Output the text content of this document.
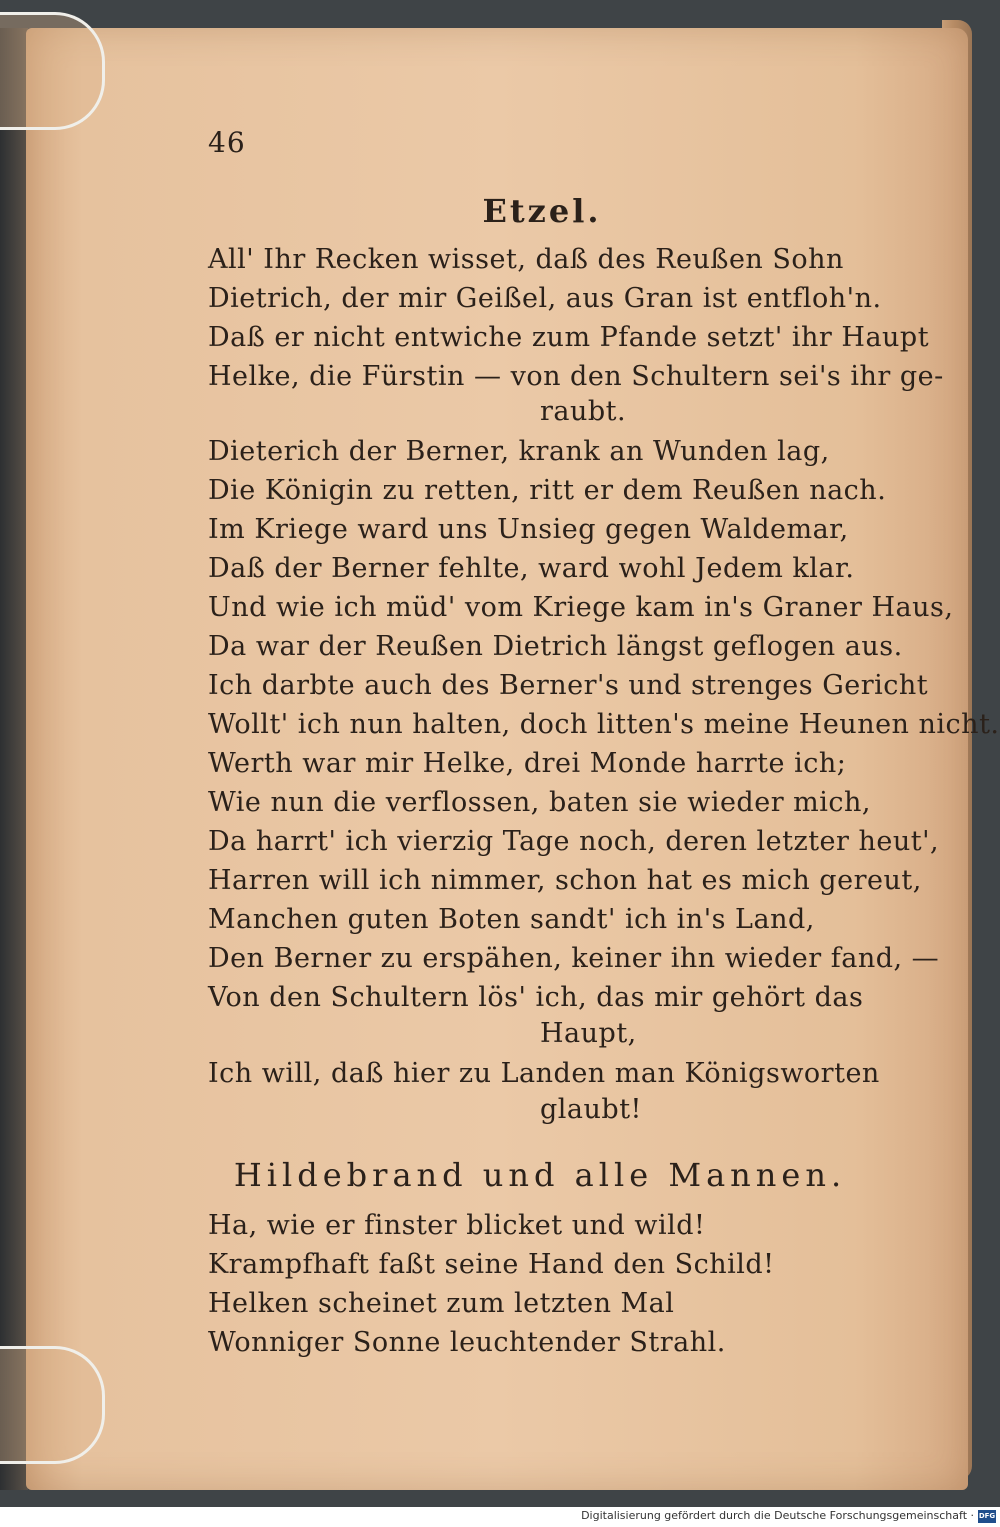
46
Etzel.
All' Ihr Recken wisset, daß des Reußen Sohn
Dietrich, der mir Geißel, aus Gran ist entfloh'n.
Daß er nicht entwiche zum Pfande setzt' ihr Haupt
Helke, die Fürstin — von den Schultern sei's ihr ge-
raubt.
Dieterich der Berner, krank an Wunden lag,
Die Königin zu retten, ritt er dem Reußen nach.
Im Kriege ward uns Unsieg gegen Waldemar,
Daß der Berner fehlte, ward wohl Jedem klar.
Und wie ich müd' vom Kriege kam in's Graner Haus,
Da war der Reußen Dietrich längst geflogen aus.
Ich darbte auch des Berner's und strenges Gericht
Wollt' ich nun halten, doch litten's meine Heunen nicht.
Werth war mir Helke, drei Monde harrte ich;
Wie nun die verflossen, baten sie wieder mich,
Da harrt' ich vierzig Tage noch, deren letzter heut',
Harren will ich nimmer, schon hat es mich gereut,
Manchen guten Boten sandt' ich in's Land,
Den Berner zu erspähen, keiner ihn wieder fand, —
Von den Schultern lös' ich, das mir gehört das
Haupt,
Ich will, daß hier zu Landen man Königsworten
glaubt!
Hildebrand und alle Mannen.
Ha, wie er finster blicket und wild!
Krampfhaft faßt seine Hand den Schild!
Helken scheinet zum letzten Mal
Wonniger Sonne leuchtender Strahl.
Digitalisierung gefördert durch die Deutsche Forschungsgemeinschaft · DFG
